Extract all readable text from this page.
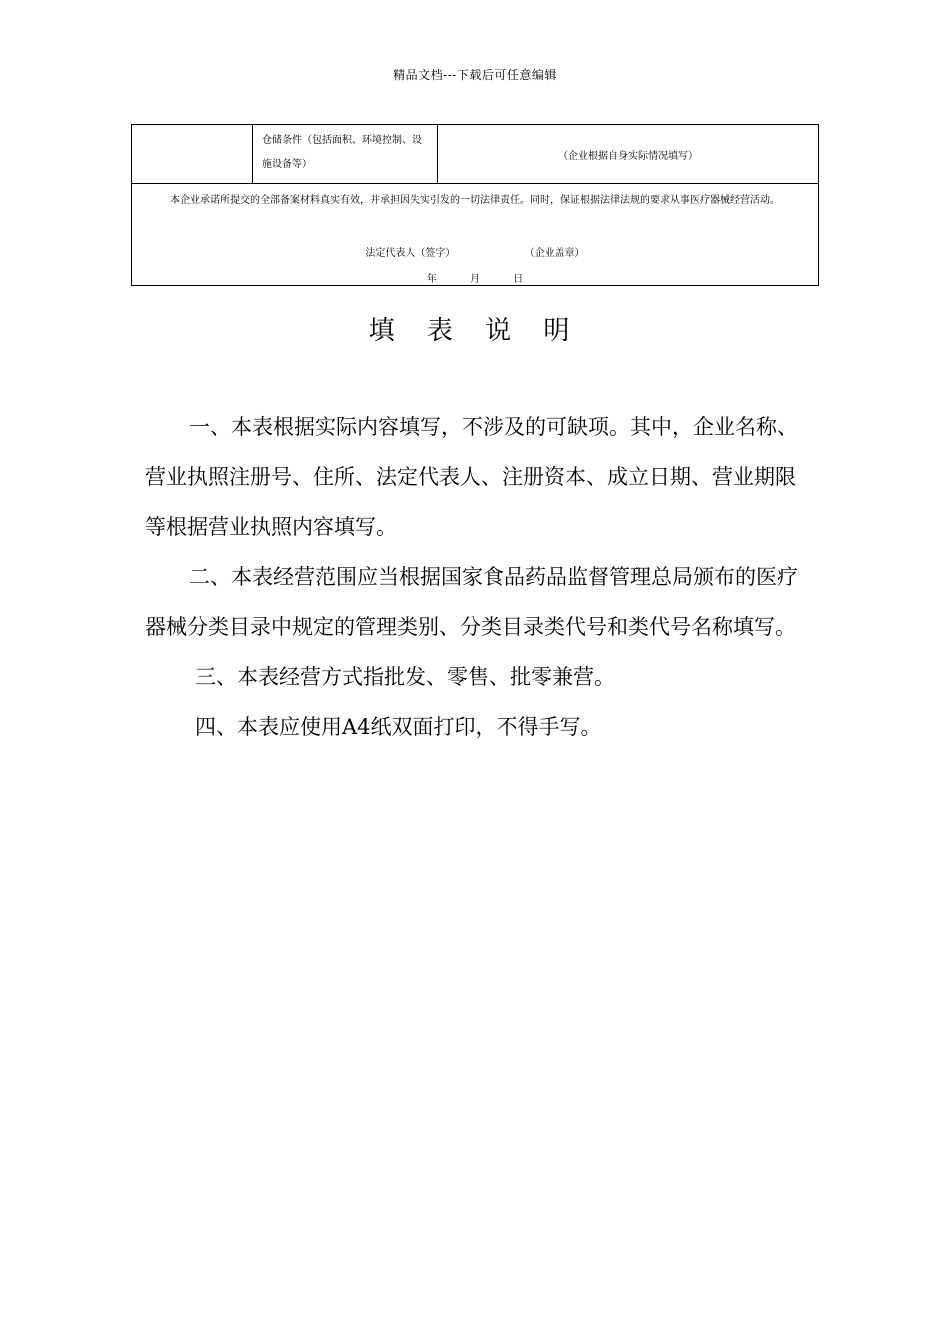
精品文档---下载后可任意编辑
	仓储条件（包括面积、环境控制、设施设备等）	（企业根据自身实际情况填写）

本企业承诺所提交的全部备案材料真实有效，并承担因失实引发的一切法律责任。同时，保证根据法律法规的要求从事医疗器械经营活动。
法定代表人（签字）	（企业盖章）
年	月	日
填 表 说 明

一、本表根据实际内容填写，不涉及的可缺项。其中，企业名称、营业执照注册号、住所、法定代表人、注册资本、成立日期、营业期限等根据营业执照内容填写。

二、本表经营范围应当根据国家食品药品监督管理总局颁布的医疗器械分类目录中规定的管理类别、分类目录类代号和类代号名称填写。

三、本表经营方式指批发、零售、批零兼营。

四、本表应使用A4纸双面打印，不得手写。
